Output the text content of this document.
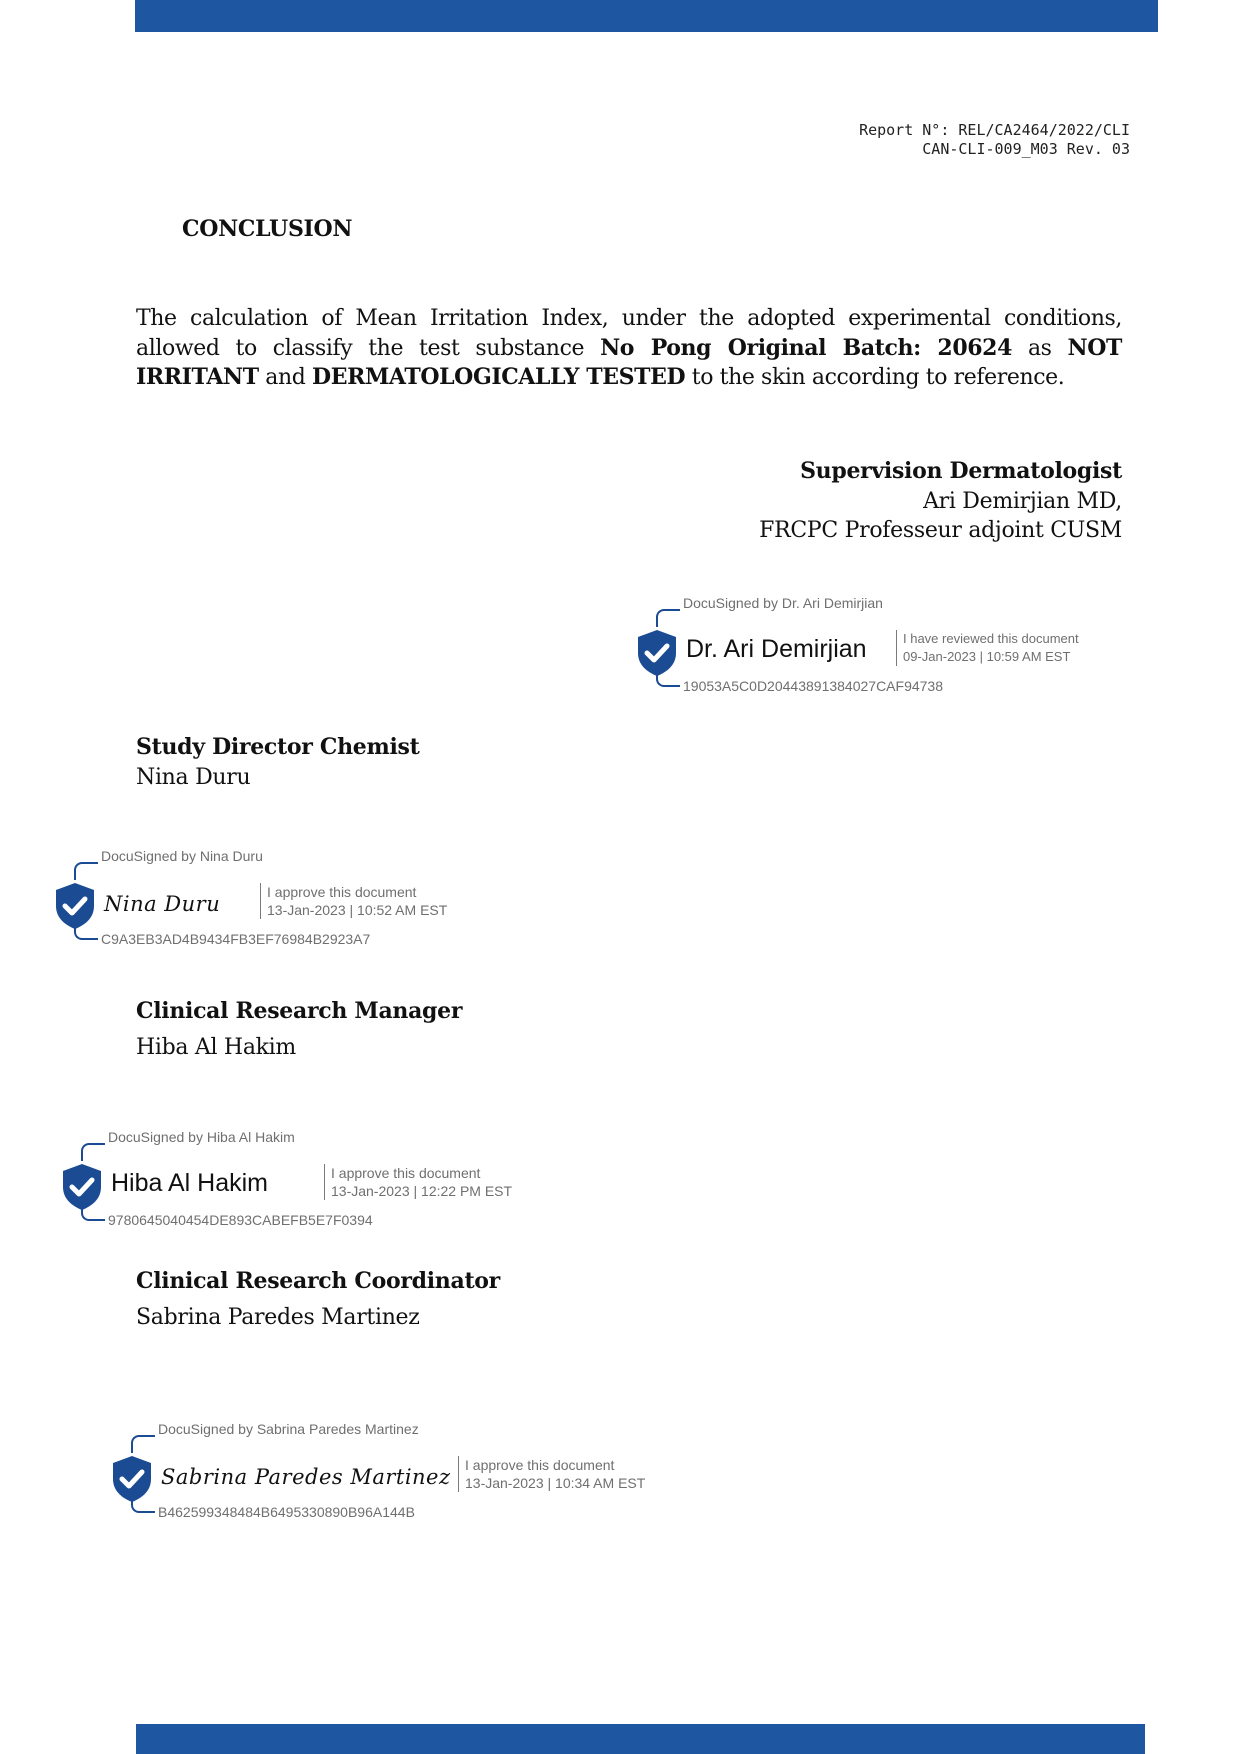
Report N°: REL/CA2464/2022/CLI
CAN-CLI-009_M03 Rev. 03
CONCLUSION

The calculation of Mean Irritation Index, under the adopted experimental conditions, allowed to classify the test substance No Pong Original Batch: 20624 as NOT IRRITANT and DERMATOLOGICALLY TESTED to the skin according to reference.

Supervision Dermatologist
Ari Demirjian MD,
FRCPC Professeur adjoint CUSM
DocuSigned by Dr. Ari Demirjian
Dr. Ari Demirjian	I have reviewed this document
09-Jan-2023 | 10:59 AM EST
19053A5C0D20443891384027CAF94738
Study Director Chemist
Nina Duru
DocuSigned by Nina Duru
Nina Duru	I approve this document
13-Jan-2023 | 10:52 AM EST
C9A3EB3AD4B9434FB3EF76984B2923A7
Clinical Research Manager
Hiba Al Hakim
DocuSigned by Hiba Al Hakim
Hiba Al Hakim	I approve this document
13-Jan-2023 | 12:22 PM EST
9780645040454DE893CABEFB5E7F0394
Clinical Research Coordinator
Sabrina Paredes Martinez
DocuSigned by Sabrina Paredes Martinez
Sabrina Paredes Martinez I approve this document
13-Jan-2023 | 10:34 AM EST
B462599348484B6495330890B96A144B
